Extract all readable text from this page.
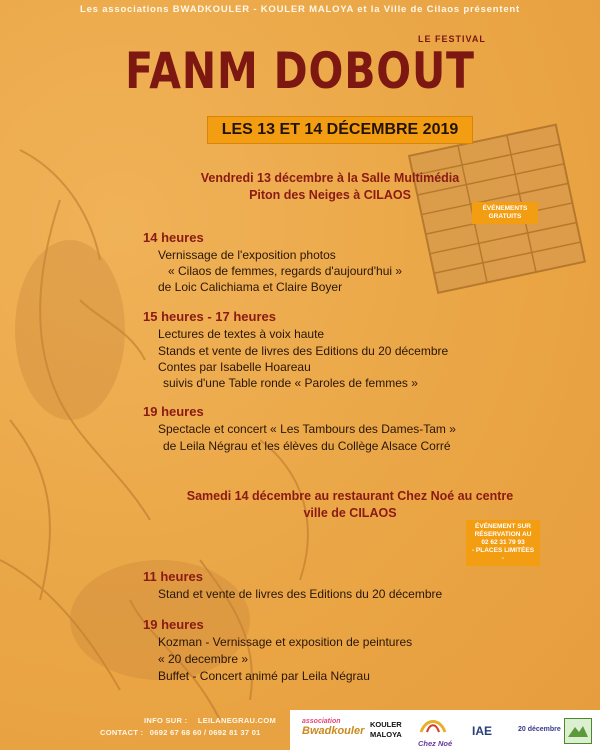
Les associations BWADKOULER - KOULER MALOYA et la Ville de Cilaos présentent
LE FESTIVAL
FANM DOBOUT
LES 13 ET 14 DÉCEMBRE 2019
Vendredi 13 décembre à la Salle Multimédia
Piton des Neiges à CILAOS
ÉVÉNEMENTS
GRATUITS
14 heures
Vernissage de l'exposition photos
« Cilaos de femmes, regards d'aujourd'hui »
de Loic Calichiama et Claire Boyer
15 heures - 17 heures
Lectures de textes à voix haute
Stands et vente de livres des Editions du 20 décembre
Contes par Isabelle Hoareau
suivis d'une Table ronde « Paroles de femmes »
19 heures
Spectacle et concert « Les Tambours des Dames-Tam »
de Leila Négrau et les élèves du Collège Alsace Corré
Samedi 14 décembre au restaurant Chez Noé au centre
ville de CILAOS
ÉVÉNEMENT SUR
RÉSERVATION AU
02 62 31 79 93
- PLACES LIMITÉES -
11 heures
Stand et vente de livres des Editions du 20 décembre
19 heures
Kozman - Vernissage et exposition de peintures
« 20 decembre »
Buffet - Concert animé par Leila Négrau
INFO SUR : LEILANEGRAU.COM
CONTACT : 0692 67 68 60 / 0692 81 37 01
association
Bwadkouler
KOULER
MALOYA
Chez Noé
IAE	20 décembre
